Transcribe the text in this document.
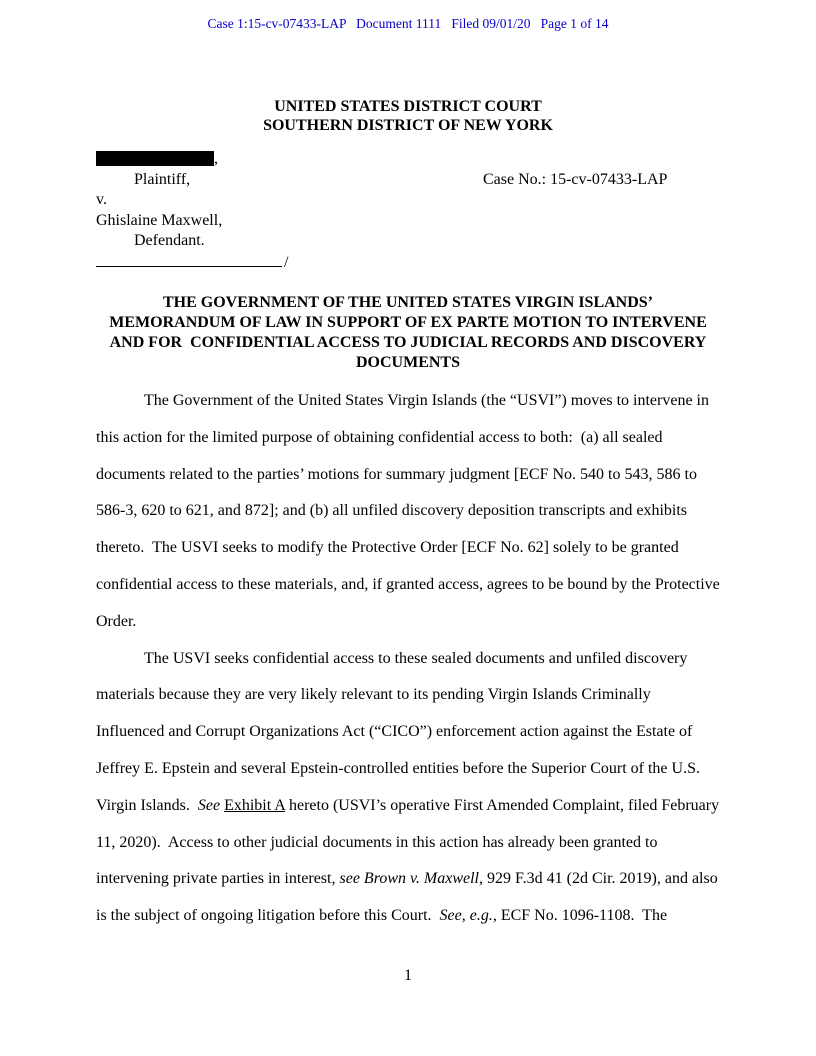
Case 1:15-cv-07433-LAP   Document 1111   Filed 09/01/20   Page 1 of 14
UNITED STATES DISTRICT COURT
SOUTHERN DISTRICT OF NEW YORK
,
Plaintiff,	Case No.: 15-cv-07433-LAP
v.
Ghislaine Maxwell,
Defendant.
/
THE GOVERNMENT OF THE UNITED STATES VIRGIN ISLANDS’
MEMORANDUM OF LAW IN SUPPORT OF EX PARTE MOTION TO INTERVENE
AND FOR  CONFIDENTIAL ACCESS TO JUDICIAL RECORDS AND DISCOVERY
DOCUMENTS

The Government of the United States Virgin Islands (the “USVI”) moves to intervene in this action for the limited purpose of obtaining confidential access to both:  (a) all sealed documents related to the parties’ motions for summary judgment [ECF No. 540 to 543, 586 to 586-3, 620 to 621, and 872]; and (b) all unfiled discovery deposition transcripts and exhibits thereto.  The USVI seeks to modify the Protective Order [ECF No. 62] solely to be granted confidential access to these materials, and, if granted access, agrees to be bound by the Protective Order.

The USVI seeks confidential access to these sealed documents and unfiled discovery materials because they are very likely relevant to its pending Virgin Islands Criminally Influenced and Corrupt Organizations Act (“CICO”) enforcement action against the Estate of Jeffrey E. Epstein and several Epstein-controlled entities before the Superior Court of the U.S. Virgin Islands.  See Exhibit A hereto (USVI’s operative First Amended Complaint, filed February 11, 2020).  Access to other judicial documents in this action has already been granted to intervening private parties in interest, see Brown v. Maxwell, 929 F.3d 41 (2d Cir. 2019), and also is the subject of ongoing litigation before this Court.  See, e.g., ECF No. 1096-1108.  The

1
